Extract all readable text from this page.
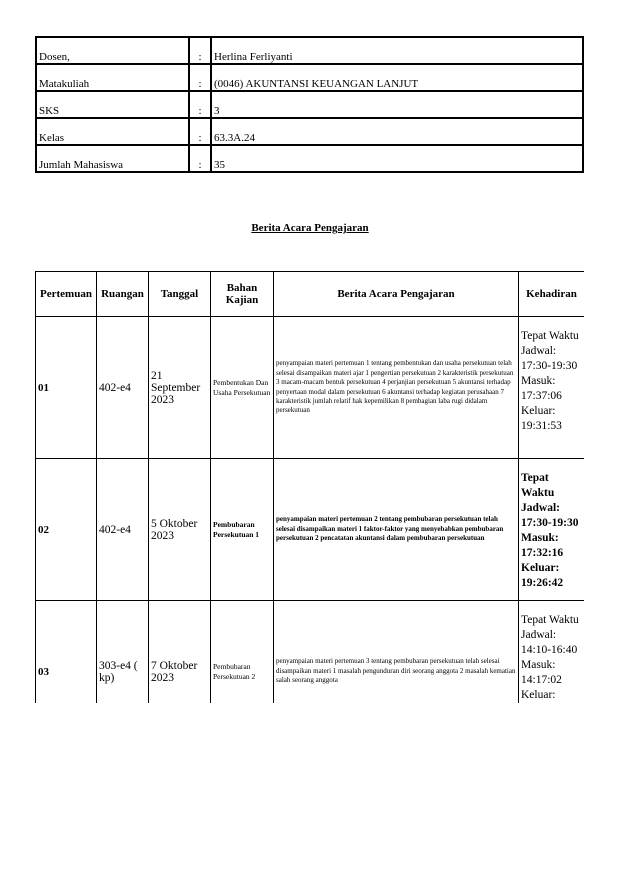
Dosen,	:	Herlina Ferliyanti
Matakuliah	:	(0046) AKUNTANSI KEUANGAN LANJUT
SKS	:	3
Kelas	:	63.3A.24
Jumlah Mahasiswa	:	35
Berita Acara Pengajaran
Pertemuan	Ruangan	Tanggal	Bahan Kajian	Berita Acara Pengajaran	Kehadiran
01	402-e4	21 September 2023	Pembentukan Dan Usaha Persekutuan	penyampaian materi pertemuan 1 tentang pembentukan dan usaha persekutuan telah selesai disampaikan materi ajar 1 pengertian persekutuan 2 karakteristik persekutuan 3 macam-macam bentuk persekutuan 4 perjanjian persekutuan 5 akuntansi terhadap penyertaan modal dalam persekutuan 6 akuntansi terhadap kegiatan perusahaan 7 karakteristik jumlah relatif hak kepemilikan 8 pembagian laba rugi didalam persekutuan	Tepat Waktu Jadwal: 17:30-19:30 Masuk: 17:37:06 Keluar: 19:31:53
02	402-e4	5 Oktober 2023	Pembubaran Persekutuan 1	penyampaian materi pertemuan 2 tentang pembubaran persekutuan telah selesai disampaikan materi 1 faktor-faktor yang menyebabkan pembubaran persekutuan 2 pencatatan akuntansi dalam pembubaran persekutuan	Tepat Waktu Jadwal: 17:30-19:30 Masuk: 17:32:16 Keluar: 19:26:42
03	303-e4 ( kp)	7 Oktober 2023	Pembubaran Persekutuan 2	penyampaian materi pertemuan 3 tentang pembubaran persekutuan telah selesai disampaikan materi 1 masalah pengunduran diri seorang anggota 2 masalah kematian salah seorang anggota	Tepat Waktu Jadwal: 14:10-16:40 Masuk: 14:17:02 Keluar:
